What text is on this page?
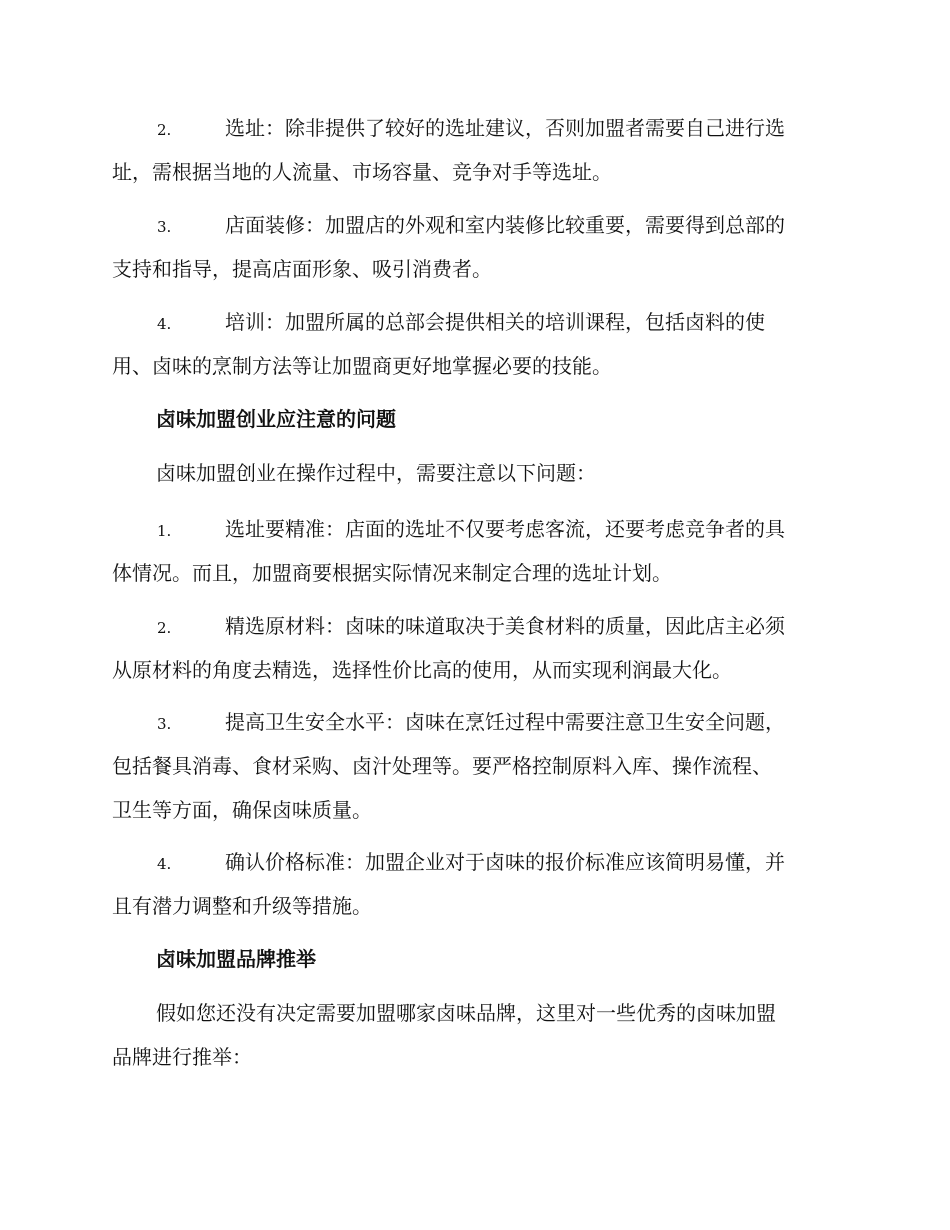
2.	选址：除非提供了较好的选址建议，否则加盟者需要自己进行选
址，需根据当地的人流量、市场容量、竞争对手等选址。
3.	店面装修：加盟店的外观和室内装修比较重要，需要得到总部的
支持和指导，提高店面形象、吸引消费者。
4.	培训：加盟所属的总部会提供相关的培训课程，包括卤料的使
用、卤味的烹制方法等让加盟商更好地掌握必要的技能。
卤味加盟创业应注意的问题
卤味加盟创业在操作过程中，需要注意以下问题：
1.	选址要精准：店面的选址不仅要考虑客流，还要考虑竞争者的具
体情况。而且，加盟商要根据实际情况来制定合理的选址计划。
2.	精选原材料：卤味的味道取决于美食材料的质量，因此店主必须
从原材料的角度去精选，选择性价比高的使用，从而实现利润最大化。
3.	提高卫生安全水平：卤味在烹饪过程中需要注意卫生安全问题，
包括餐具消毒、食材采购、卤汁处理等。要严格控制原料入库、操作流程、
卫生等方面，确保卤味质量。
4.	确认价格标准：加盟企业对于卤味的报价标准应该简明易懂，并
且有潜力调整和升级等措施。
卤味加盟品牌推举
假如您还没有决定需要加盟哪家卤味品牌，这里对一些优秀的卤味加盟
品牌进行推举：
